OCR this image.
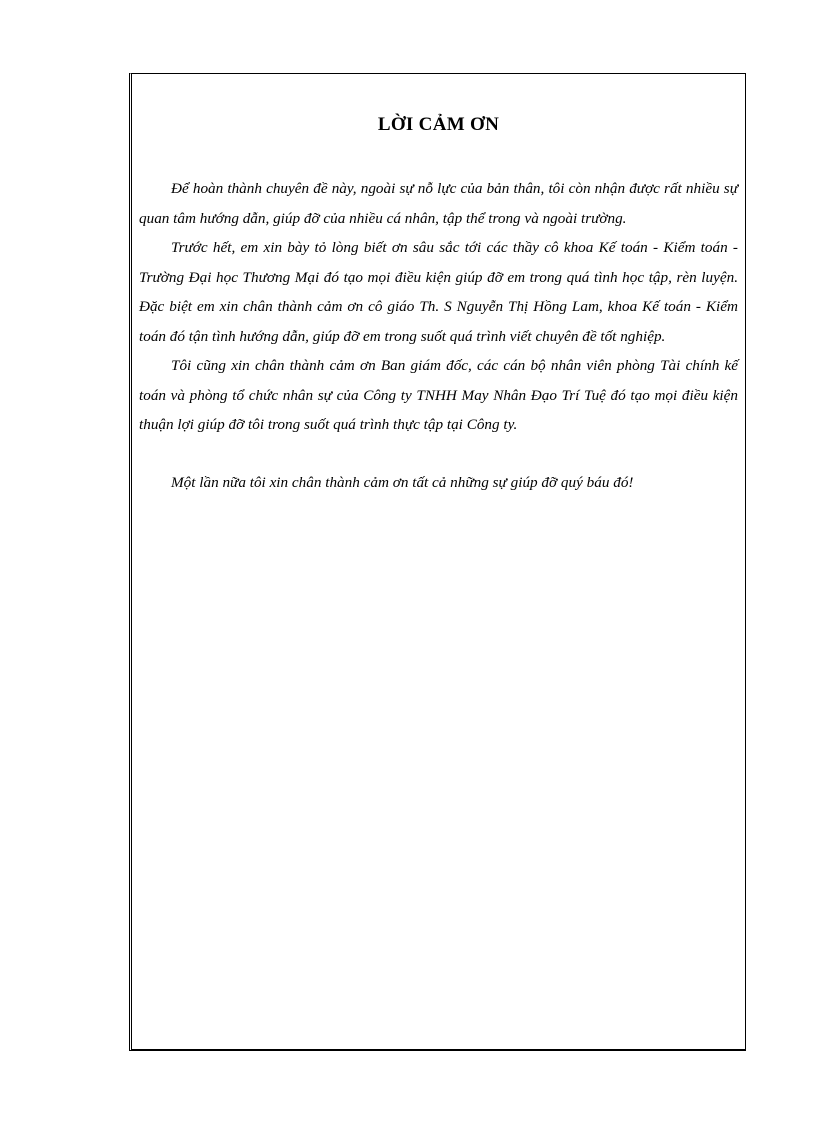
LỜI CẢM ƠN

Để hoàn thành chuyên đề này, ngoài sự nỗ lực của bản thân, tôi còn nhận được rất nhiều sự quan tâm hướng dẫn, giúp đỡ của nhiều cá nhân, tập thể trong và ngoài trường.

Trước hết, em xin bày tỏ lòng biết ơn sâu sắc tới các thầy cô khoa Kế toán - Kiểm toán - Trường Đại học Thương Mại đó tạo mọi điều kiện giúp đỡ em trong quá tình học tập, rèn luyện. Đặc biệt em xin chân thành cảm ơn cô giáo Th. S Nguyễn Thị Hồng Lam, khoa Kế toán - Kiểm toán đó tận tình hướng dẫn, giúp đỡ em trong suốt quá trình viết chuyên đề tốt nghiệp.

Tôi cũng xin chân thành cảm ơn Ban giám đốc, các cán bộ nhân viên phòng Tài chính kế toán và phòng tổ chức nhân sự của Công ty TNHH May Nhân Đạo Trí Tuệ đó tạo mọi điều kiện thuận lợi giúp đỡ tôi trong suốt quá trình thực tập tại Công ty.

Một lần nữa tôi xin chân thành cảm ơn tất cả những sự giúp đỡ quý báu đó!
